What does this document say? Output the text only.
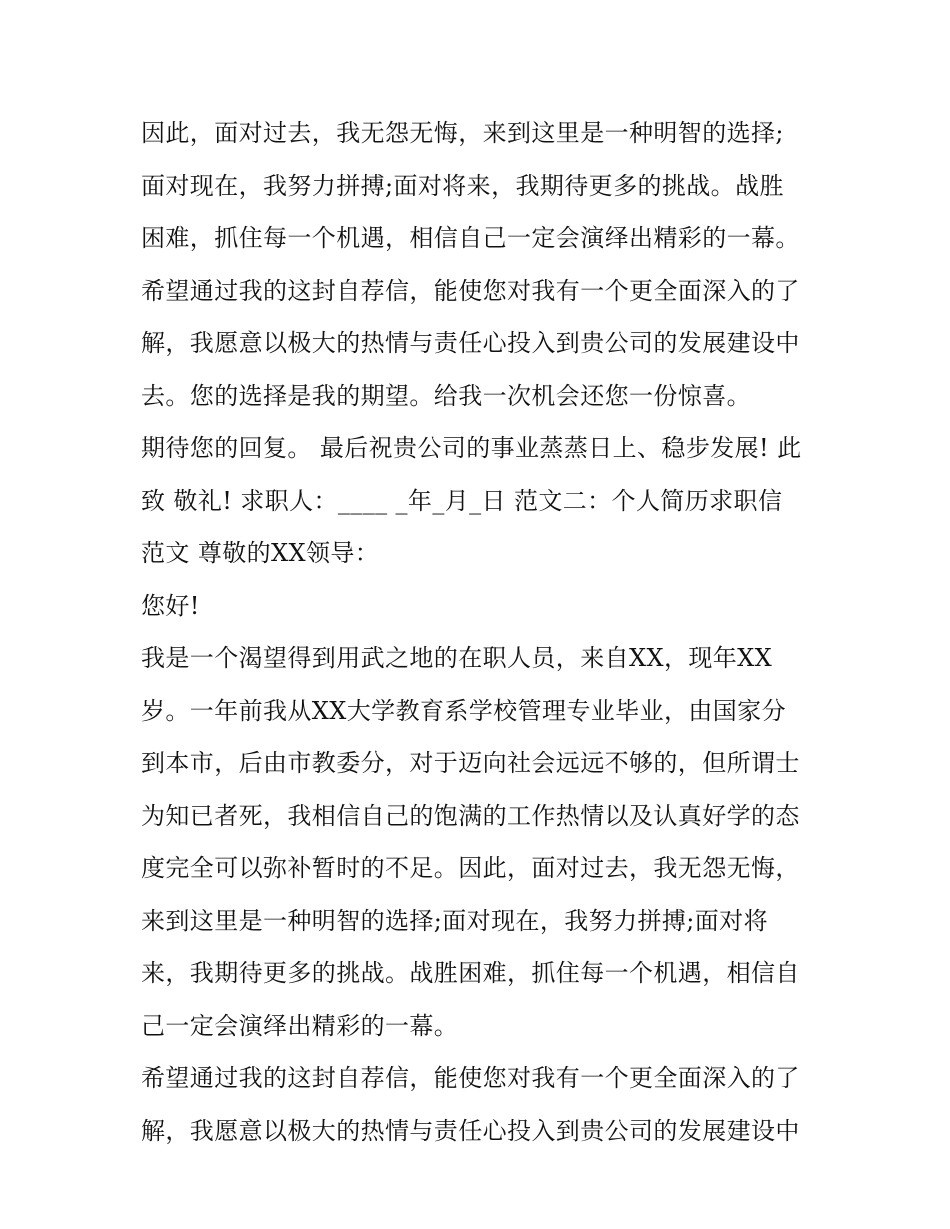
因此，面对过去，我无怨无悔，来到这里是一种明智的选择;
面对现在，我努力拼搏;面对将来，我期待更多的挑战。战胜
困难，抓住每一个机遇，相信自己一定会演绎出精彩的一幕。
希望通过我的这封自荐信，能使您对我有一个更全面深入的了
解，我愿意以极大的热情与责任心投入到贵公司的发展建设中
去。您的选择是我的期望。给我一次机会还您一份惊喜。
期待您的回复。 最后祝贵公司的事业蒸蒸日上、稳步发展! 此
致 敬礼! 求职人：____ _年_月_日 范文二：个人简历求职信
范文 尊敬的XX领导：
您好!
我是一个渴望得到用武之地的在职人员，来自XX，现年XX
岁。一年前我从XX大学教育系学校管理专业毕业，由国家分
到本市，后由市教委分，对于迈向社会远远不够的，但所谓士
为知已者死，我相信自己的饱满的工作热情以及认真好学的态
度完全可以弥补暂时的不足。因此，面对过去，我无怨无悔，
来到这里是一种明智的选择;面对现在，我努力拼搏;面对将
来，我期待更多的挑战。战胜困难，抓住每一个机遇，相信自
己一定会演绎出精彩的一幕。
希望通过我的这封自荐信，能使您对我有一个更全面深入的了
解，我愿意以极大的热情与责任心投入到贵公司的发展建设中
